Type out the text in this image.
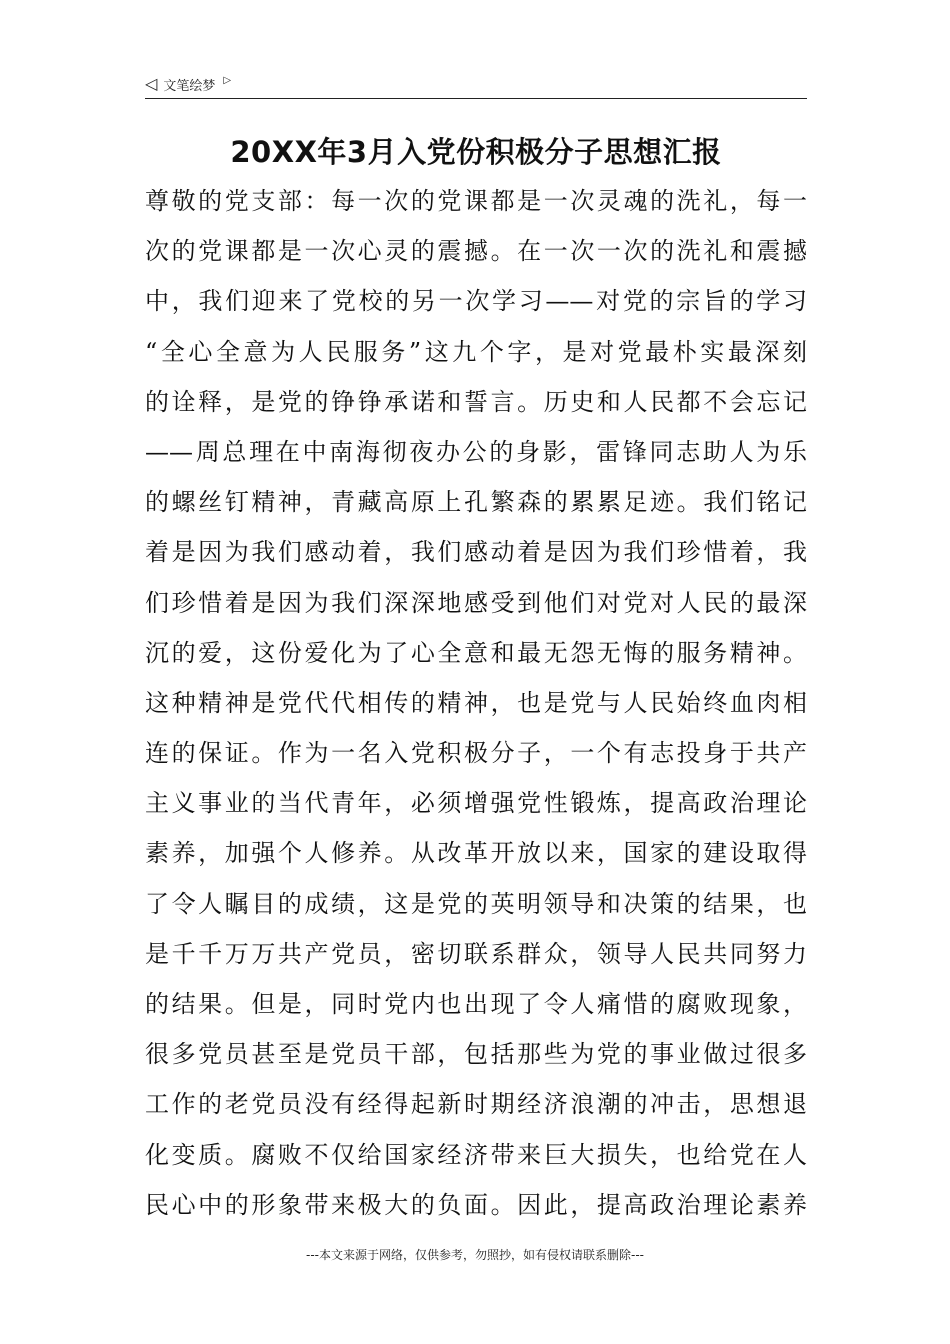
◁ 文笔绘梦 ▷
20XX年3月入党份积极分子思想汇报
尊敬的党支部：每一次的党课都是一次灵魂的洗礼，每一
次的党课都是一次心灵的震撼。在一次一次的洗礼和震撼
中，我们迎来了党校的另一次学习——对党的宗旨的学习
“全心全意为人民服务”这九个字，是对党最朴实最深刻
的诠释，是党的铮铮承诺和誓言。历史和人民都不会忘记
——周总理在中南海彻夜办公的身影，雷锋同志助人为乐
的螺丝钉精神，青藏高原上孔繁森的累累足迹。我们铭记
着是因为我们感动着，我们感动着是因为我们珍惜着，我
们珍惜着是因为我们深深地感受到他们对党对人民的最深
沉的爱，这份爱化为了心全意和最无怨无悔的服务精神。
这种精神是党代代相传的精神，也是党与人民始终血肉相
连的保证。作为一名入党积极分子，一个有志投身于共产
主义事业的当代青年，必须增强党性锻炼，提高政治理论
素养，加强个人修养。从改革开放以来，国家的建设取得
了令人瞩目的成绩，这是党的英明领导和决策的结果，也
是千千万万共产党员，密切联系群众，领导人民共同努力
的结果。但是，同时党内也出现了令人痛惜的腐败现象，
很多党员甚至是党员干部，包括那些为党的事业做过很多
工作的老党员没有经得起新时期经济浪潮的冲击，思想退
化变质。腐败不仅给国家经济带来巨大损失，也给党在人
民心中的形象带来极大的负面。因此，提高政治理论素养
---本文来源于网络，仅供参考，勿照抄，如有侵权请联系删除---
